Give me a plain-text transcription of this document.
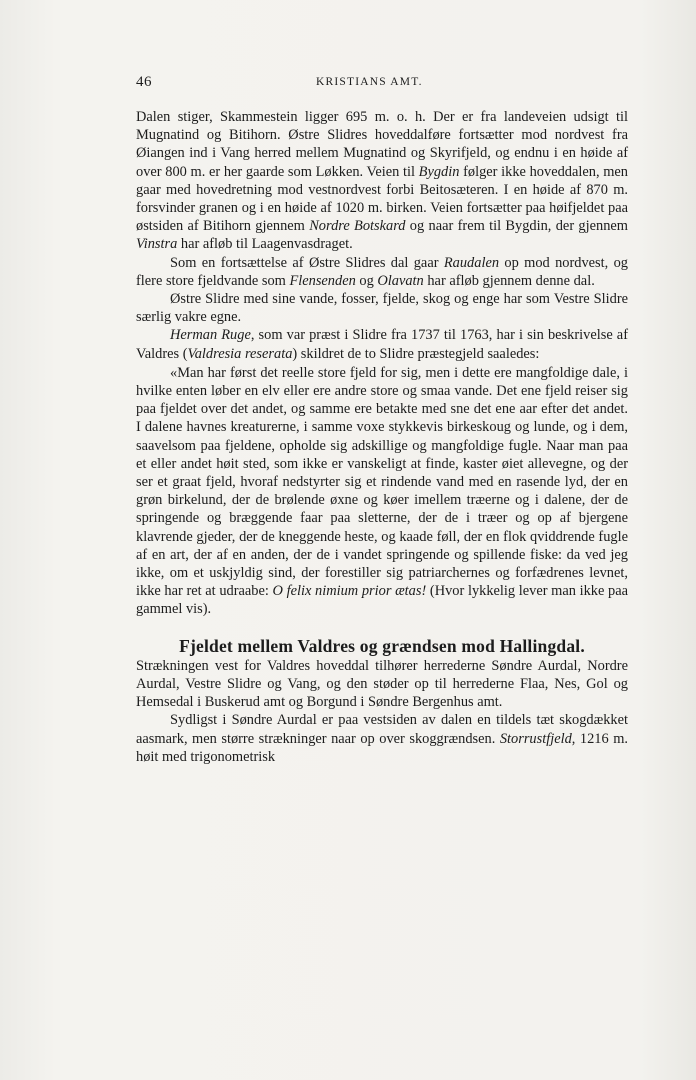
46	KRISTIANS AMT.

Dalen stiger, Skammestein ligger 695 m. o. h. Der er fra landeveien udsigt til Mugnatind og Bitihorn. Østre Slidres hoveddalføre fortsætter mod nordvest fra Øiangen ind i Vang herred mellem Mugnatind og Skyrifjeld, og endnu i en høide af over 800 m. er her gaarde som Løkken. Veien til Bygdin følger ikke hoveddalen, men gaar med hovedretning mod vestnordvest forbi Beitosæteren. I en høide af 870 m. forsvinder granen og i en høide af 1020 m. birken. Veien fortsætter paa høifjeldet paa østsiden af Bitihorn gjennem Nordre Botskard og naar frem til Bygdin, der gjennem Vinstra har afløb til Laagenvasdraget.

Som en fortsættelse af Østre Slidres dal gaar Raudalen op mod nordvest, og flere store fjeldvande som Flensenden og Olavatn har afløb gjennem denne dal.

Østre Slidre med sine vande, fosser, fjelde, skog og enge har som Vestre Slidre særlig vakre egne.

Herman Ruge, som var præst i Slidre fra 1737 til 1763, har i sin beskrivelse af Valdres (Valdresia reserata) skildret de to Slidre præstegjeld saaledes:

«Man har først det reelle store fjeld for sig, men i dette ere mangfoldige dale, i hvilke enten løber en elv eller ere andre store og smaa vande. Det ene fjeld reiser sig paa fjeldet over det andet, og samme ere betakte med sne det ene aar efter det andet. I dalene havnes kreaturerne, i samme voxe stykkevis birkeskoug og lunde, og i dem, saavelsom paa fjeldene, opholde sig adskillige og mangfoldige fugle. Naar man paa et eller andet høit sted, som ikke er vanskeligt at finde, kaster øiet allevegne, og der ser et graat fjeld, hvoraf nedstyrter sig et rindende vand med en rasende lyd, der en grøn birkelund, der de brølende øxne og køer imellem træerne og i dalene, der de springende og bræggende faar paa sletterne, der de i træer og op af bjergene klavrende gjeder, der de kneggende heste, og kaade føll, der en flok qviddrende fugle af en art, der af en anden, der de i vandet springende og spillende fiske: da ved jeg ikke, om et uskjyldig sind, der forestiller sig patriarchernes og forfædrenes levnet, ikke har ret at udraabe: O felix nimium prior ætas! (Hvor lykkelig lever man ikke paa gammel vis).

Fjeldet mellem Valdres og grændsen mod Hallingdal.

Strækningen vest for Valdres hoveddal tilhører herrederne Søndre Aurdal, Nordre Aurdal, Vestre Slidre og Vang, og den støder op til herrederne Flaa, Nes, Gol og Hemsedal i Buskerud amt og Borgund i Søndre Bergenhus amt.

Sydligst i Søndre Aurdal er paa vestsiden av dalen en tildels tæt skogdækket aasmark, men større strækninger naar op over skoggrændsen. Storrustfjeld, 1216 m. høit med trigonometrisk
